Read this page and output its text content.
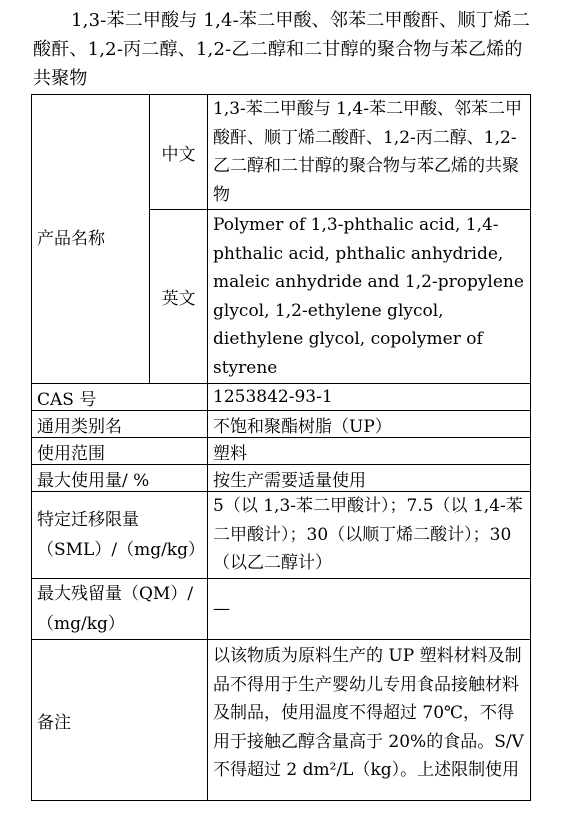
1,3-苯二甲酸与 1,4-苯二甲酸、邻苯二甲酸酐、顺丁烯二酸酐、1,2-丙二醇、1,2-乙二醇和二甘醇的聚合物与苯乙烯的共聚物
产品名称	中文	1,3-苯二甲酸与 1,4-苯二甲酸、邻苯二甲酸酐、顺丁烯二酸酐、1,2-丙二醇、1,2-乙二醇和二甘醇的聚合物与苯乙烯的共聚物
	英文	Polymer of 1,3-phthalic acid, 1,4-phthalic acid, phthalic anhydride, maleic anhydride and 1,2-propylene glycol, 1,2-ethylene glycol, diethylene glycol, copolymer of styrene
CAS 号		1253842-93-1
通用类别名		不饱和聚酯树脂（UP）
使用范围		塑料
最大使用量/ %		按生产需要适量使用
特定迁移限量（SML）/（mg/kg）		5（以 1,3-苯二甲酸计）；7.5（以 1,4-苯二甲酸计）；30（以顺丁烯二酸计）；30（以乙二醇计）
最大残留量（QM）/（mg/kg）		—
备注		以该物质为原料生产的 UP 塑料材料及制品不得用于生产婴幼儿专用食品接触材料及制品，使用温度不得超过 70℃，不得用于接触乙醇含量高于 20%的食品。S/V 不得超过 2 dm²/L（kg）。上述限制使用
